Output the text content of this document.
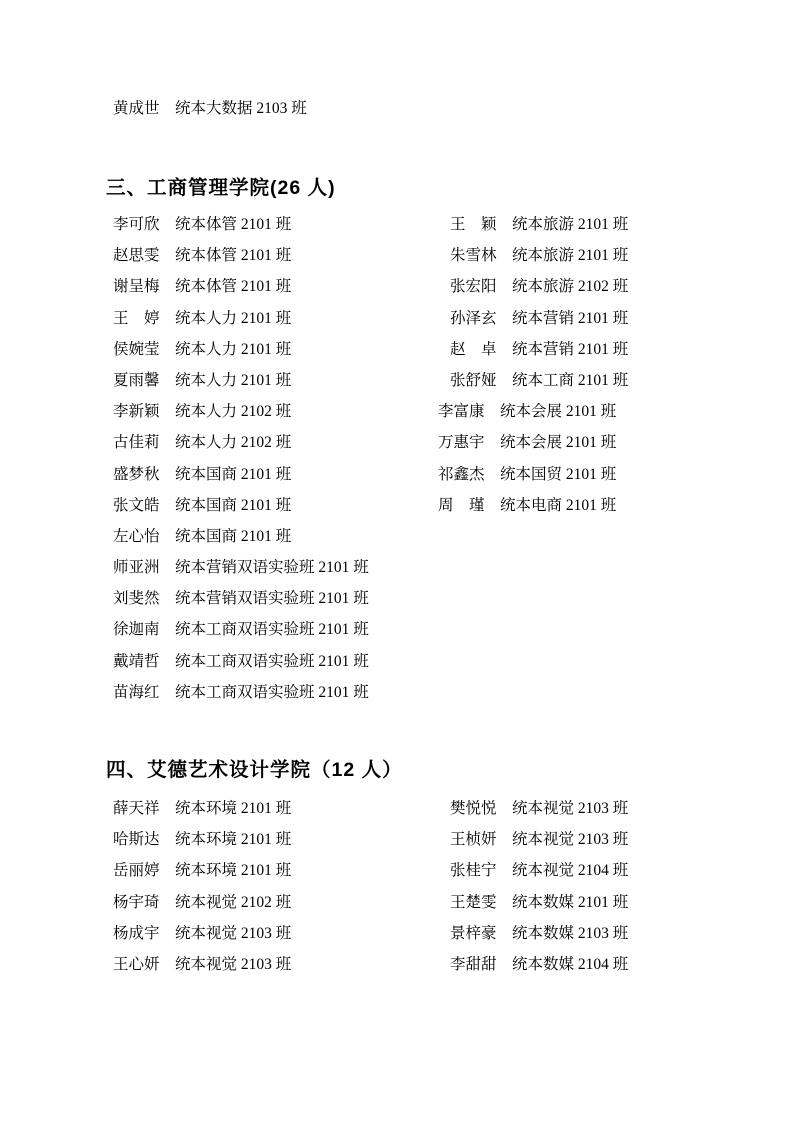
黄成世 统本大数据 2103 班
三、工商管理学院(26 人)
李可欣 统本体管 2101 班
赵思雯 统本体管 2101 班
谢呈梅 统本体管 2101 班
王　婷 统本人力 2101 班
侯婉莹 统本人力 2101 班
夏雨馨 统本人力 2101 班
李新颖 统本人力 2102 班
古佳莉 统本人力 2102 班
盛梦秋 统本国商 2101 班
张文皓 统本国商 2101 班
左心怡 统本国商 2101 班
师亚洲 统本营销双语实验班 2101 班
刘斐然 统本营销双语实验班 2101 班
徐迦南 统本工商双语实验班 2101 班
戴靖哲 统本工商双语实验班 2101 班
苗海红 统本工商双语实验班 2101 班
王　颖 统本旅游 2101 班
朱雪林 统本旅游 2101 班
张宏阳 统本旅游 2102 班
孙泽玄 统本营销 2101 班
赵　卓 统本营销 2101 班
张舒娅 统本工商 2101 班
李富康 统本会展 2101 班
万惠宇 统本会展 2101 班
祁鑫杰 统本国贸 2101 班
周　瑾 统本电商 2101 班
四、艾德艺术设计学院（12 人）
薛天祥 统本环境 2101 班
哈斯达 统本环境 2101 班
岳丽婷 统本环境 2101 班
杨宇琦 统本视觉 2102 班
杨成宇 统本视觉 2103 班
王心妍 统本视觉 2103 班
樊悦悦 统本视觉 2103 班
王桢妍 统本视觉 2103 班
张桂宁 统本视觉 2104 班
王楚雯 统本数媒 2101 班
景梓豪 统本数媒 2103 班
李甜甜 统本数媒 2104 班
